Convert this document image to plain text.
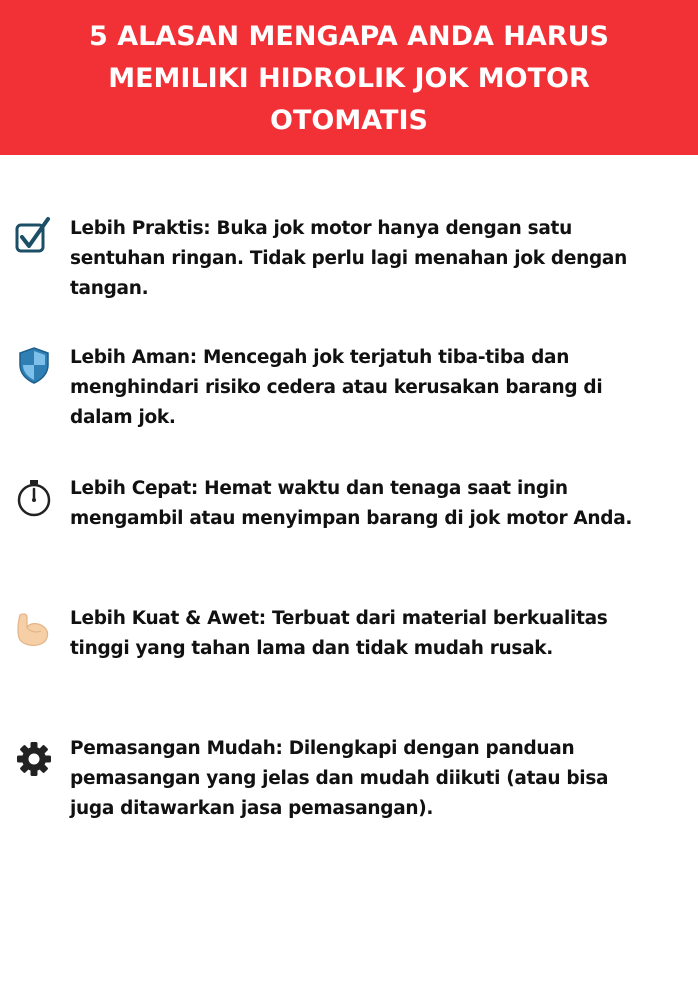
5 ALASAN MENGAPA ANDA HARUS MEMILIKI HIDROLIK JOK MOTOR OTOMATIS
Lebih Praktis: Buka jok motor hanya dengan satu sentuhan ringan. Tidak perlu lagi menahan jok dengan tangan.
Lebih Aman: Mencegah jok terjatuh tiba-tiba dan menghindari risiko cedera atau kerusakan barang di dalam jok.
Lebih Cepat: Hemat waktu dan tenaga saat ingin mengambil atau menyimpan barang di jok motor Anda.
Lebih Kuat & Awet: Terbuat dari material berkualitas tinggi yang tahan lama dan tidak mudah rusak.
Pemasangan Mudah: Dilengkapi dengan panduan pemasangan yang jelas dan mudah diikuti (atau bisa juga ditawarkan jasa pemasangan).
